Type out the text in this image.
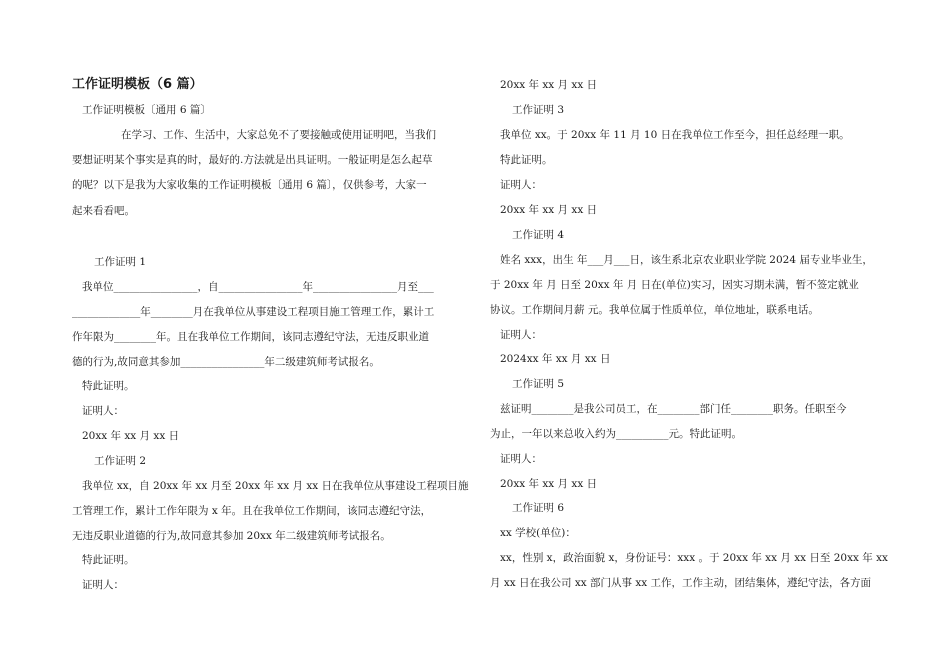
工作证明模板（6 篇）
工作证明模板〔通用 6 篇〕
在学习、工作、生活中，大家总免不了要接触或使用证明吧，当我们
要想证明某个事实是真的时，最好的.方法就是出具证明。一般证明是怎么起草
的呢？以下是我为大家收集的工作证明模板〔通用 6 篇〕，仅供参考，大家一
起来看看吧。
工作证明 1
我单位________________，自________________年________________月至___
_____________年________月在我单位从事建设工程项目施工管理工作，累计工
作年限为________年。且在我单位工作期间，该同志遵纪守法，无违反职业道
德的行为,故同意其参加________________年二级建筑师考试报名。
特此证明。
证明人：
20xx 年 xx 月 xx 日
工作证明 2
我单位 xx，自 20xx 年 xx 月至 20xx 年 xx 月 xx 日在我单位从事建设工程项目施
工管理工作，累计工作年限为 x 年。且在我单位工作期间，该同志遵纪守法，
无违反职业道德的行为,故同意其参加 20xx 年二级建筑师考试报名。
特此证明。
证明人：
20xx 年 xx 月 xx 日
工作证明 3
我单位 xx。于 20xx 年 11 月 10 日在我单位工作至今，担任总经理一职。
特此证明。
证明人：
20xx 年 xx 月 xx 日
工作证明 4
姓名 xxx，出生 年___月___日，该生系北京农业职业学院 2024 届专业毕业生，
于 20xx 年 月 日至 20xx 年 月 日在(单位)实习，因实习期未满，暂不签定就业
协议。工作期间月薪 元。我单位属于性质单位，单位地址，联系电话。
证明人：
2024xx 年 xx 月 xx 日
工作证明 5
兹证明________是我公司员工，在________部门任________职务。任职至今
为止，一年以来总收入约为__________元。特此证明。
证明人：
20xx 年 xx 月 xx 日
工作证明 6
xx 学校(单位)：
xx，性别 x，政治面貌 x，身份证号：xxx 。于 20xx 年 xx 月 xx 日至 20xx 年 xx
月 xx 日在我公司 xx 部门从事 xx 工作，工作主动，团结集体，遵纪守法，各方面
